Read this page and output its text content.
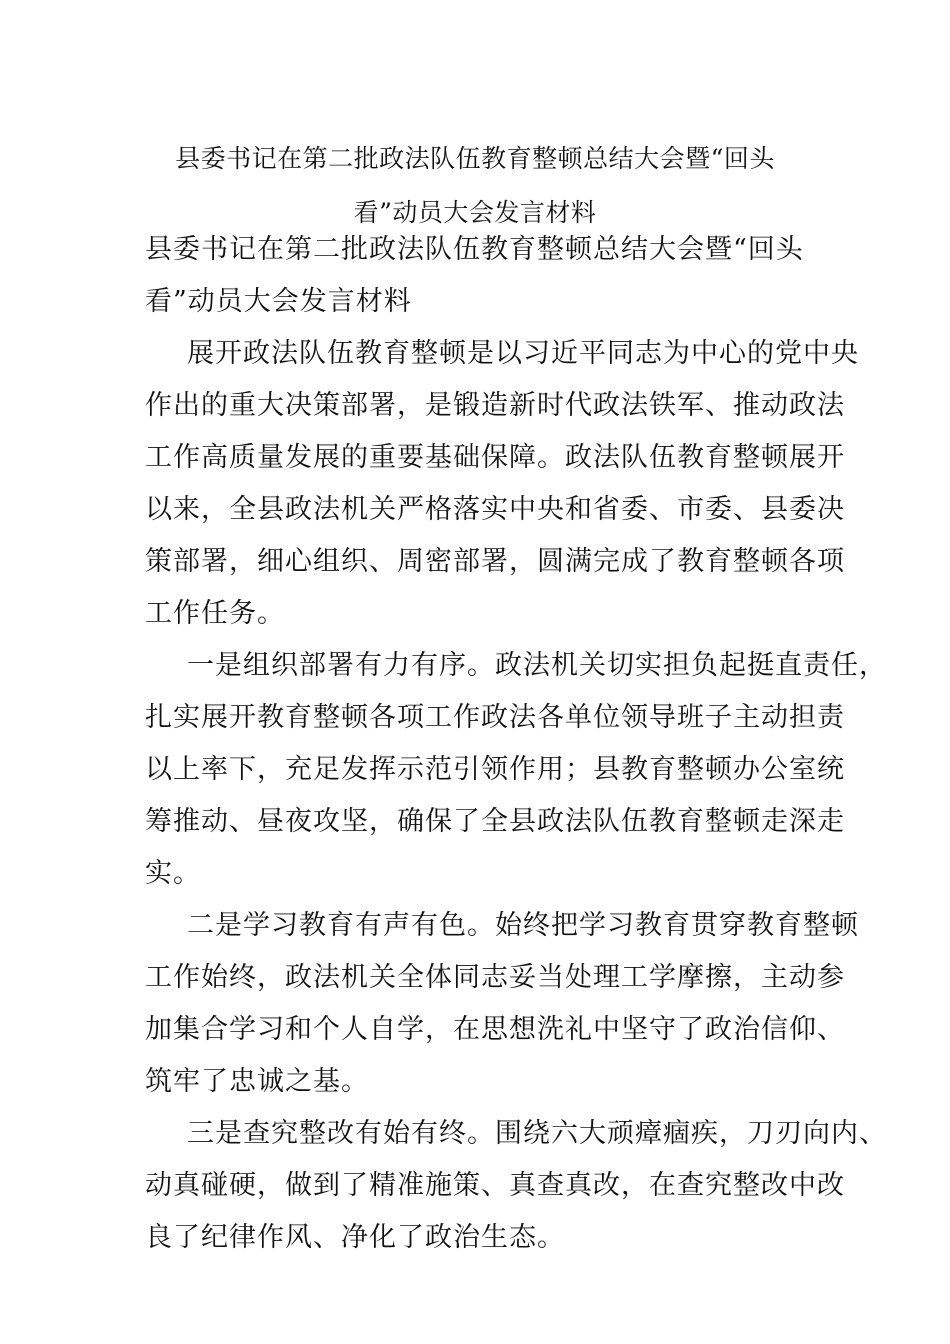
县委书记在第二批政法队伍教育整顿总结大会暨“回头
看”动员大会发言材料
县委书记在第二批政法队伍教育整顿总结大会暨“回头
看”动员大会发言材料
展开政法队伍教育整顿是以习近平同志为中心的党中央
作出的重大决策部署，是锻造新时代政法铁军、推动政法
工作高质量发展的重要基础保障。政法队伍教育整顿展开
以来，全县政法机关严格落实中央和省委、市委、县委决
策部署，细心组织、周密部署，圆满完成了教育整顿各项
工作任务。
一是组织部署有力有序。政法机关切实担负起挺直责任，
扎实展开教育整顿各项工作政法各单位领导班子主动担责
以上率下，充足发挥示范引领作用；县教育整顿办公室统
筹推动、昼夜攻坚，确保了全县政法队伍教育整顿走深走
实。
二是学习教育有声有色。始终把学习教育贯穿教育整顿
工作始终，政法机关全体同志妥当处理工学摩擦，主动参
加集合学习和个人自学，在思想洗礼中坚守了政治信仰、
筑牢了忠诚之基。
三是查究整改有始有终。围绕六大顽瘴痼疾，刀刃向内、
动真碰硬，做到了精准施策、真查真改，在查究整改中改
良了纪律作风、净化了政治生态。
